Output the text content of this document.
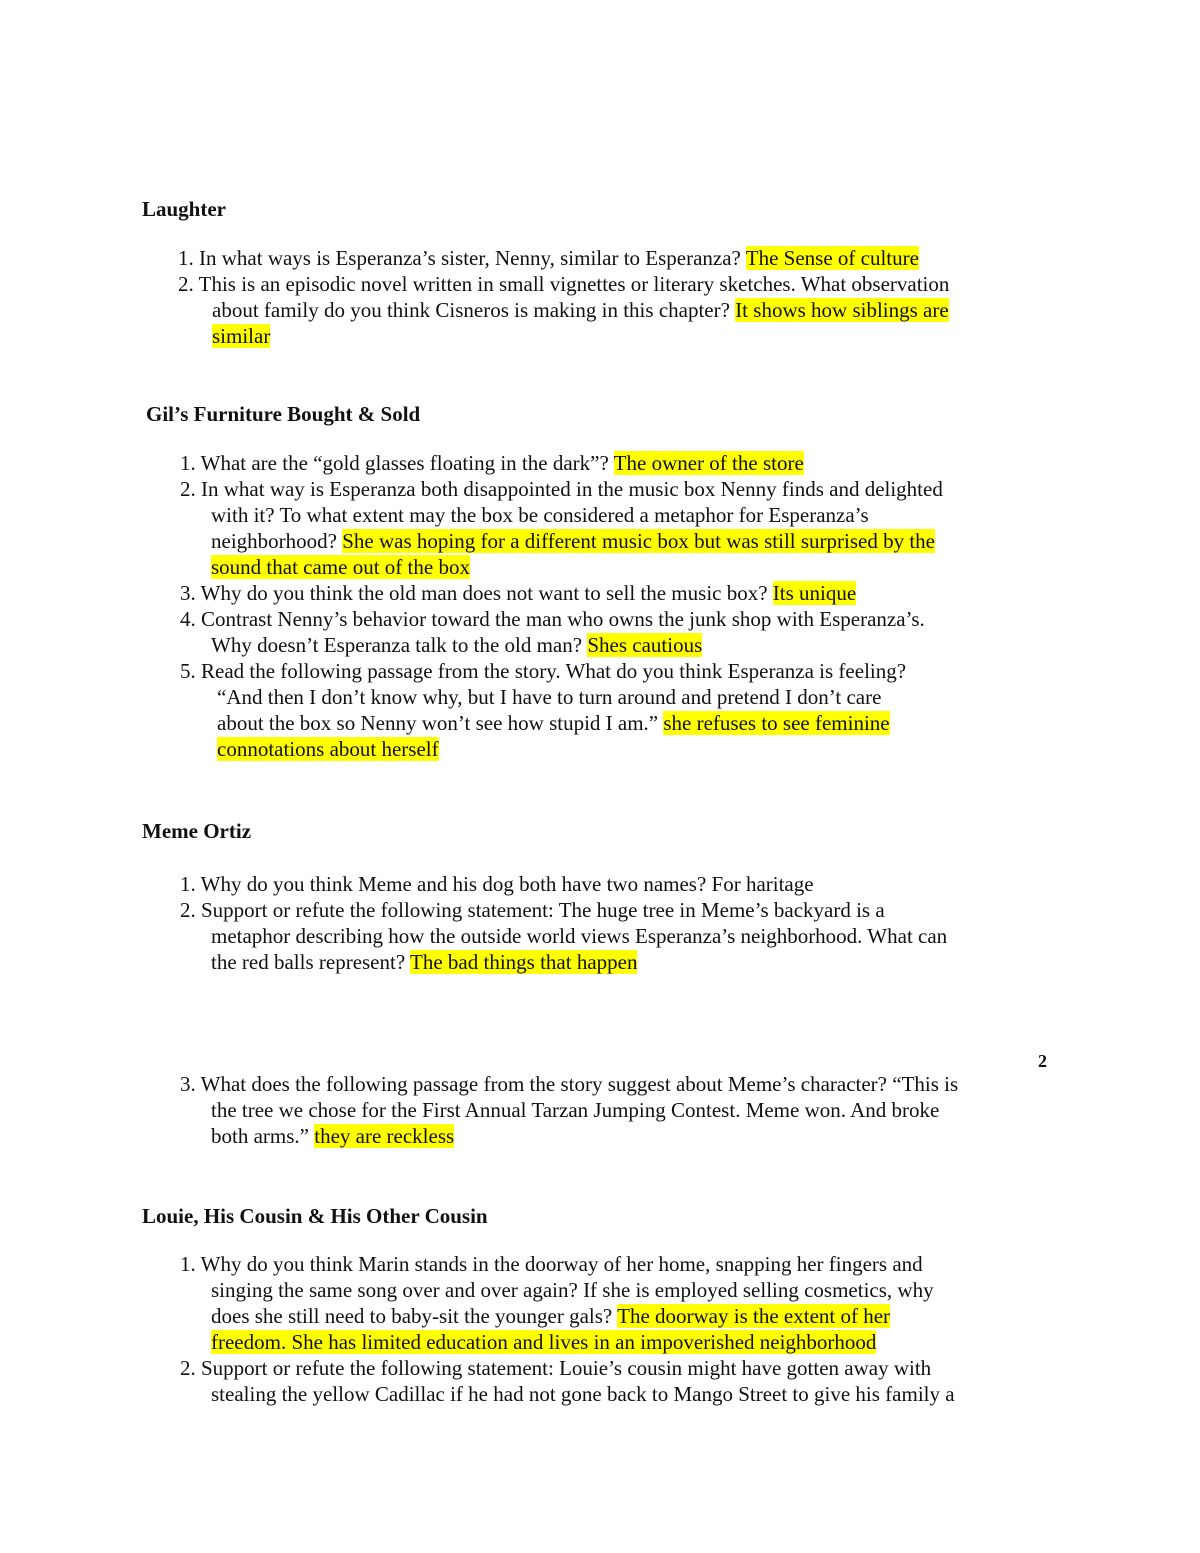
Laughter
1. In what ways is Esperanza’s sister, Nenny, similar to Esperanza? The Sense of culture
2. This is an episodic novel written in small vignettes or literary sketches. What observation
about family do you think Cisneros is making in this chapter? It shows how siblings are
similar
Gil’s Furniture Bought & Sold
1. What are the “gold glasses floating in the dark”? The owner of the store
2. In what way is Esperanza both disappointed in the music box Nenny finds and delighted
with it? To what extent may the box be considered a metaphor for Esperanza’s
neighborhood? She was hoping for a different music box but was still surprised by the
sound that came out of the box
3. Why do you think the old man does not want to sell the music box? Its unique
4. Contrast Nenny’s behavior toward the man who owns the junk shop with Esperanza’s.
Why doesn’t Esperanza talk to the old man? Shes cautious
5. Read the following passage from the story. What do you think Esperanza is feeling?
“And then I don’t know why, but I have to turn around and pretend I don’t care
about the box so Nenny won’t see how stupid I am.” she refuses to see feminine
connotations about herself
Meme Ortiz
1. Why do you think Meme and his dog both have two names? For haritage
2. Support or refute the following statement: The huge tree in Meme’s backyard is a
metaphor describing how the outside world views Esperanza’s neighborhood. What can
the red balls represent? The bad things that happen
2
3. What does the following passage from the story suggest about Meme’s character? “This is
the tree we chose for the First Annual Tarzan Jumping Contest. Meme won. And broke
both arms.” they are reckless
Louie, His Cousin & His Other Cousin
1. Why do you think Marin stands in the doorway of her home, snapping her fingers and
singing the same song over and over again? If she is employed selling cosmetics, why
does she still need to baby-sit the younger gals? The doorway is the extent of her
freedom. She has limited education and lives in an impoverished neighborhood
2. Support or refute the following statement: Louie’s cousin might have gotten away with
stealing the yellow Cadillac if he had not gone back to Mango Street to give his family a
